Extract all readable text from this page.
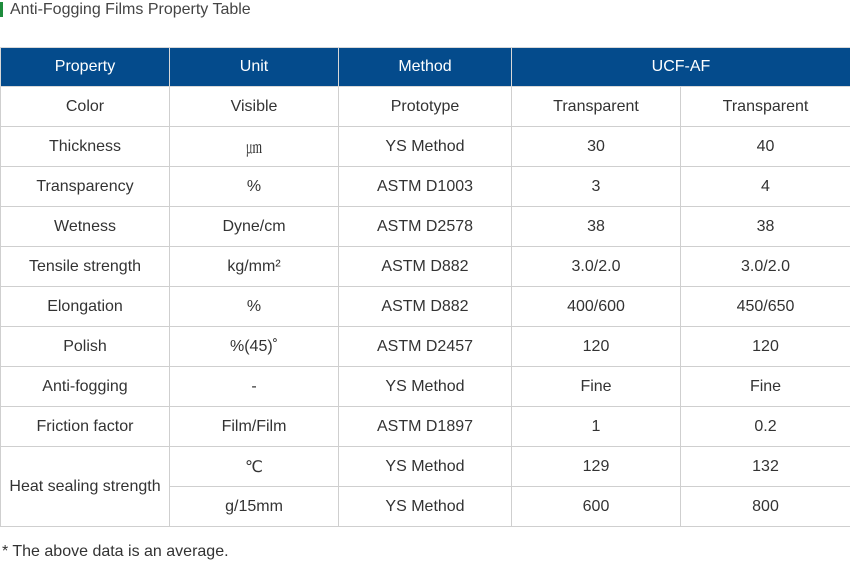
Anti-Fogging Films Property Table
Property	Unit	Method	UCF-AF	
Color	Visible	Prototype	Transparent	Transparent
Thickness	㎛	YS Method	30	40
Transparency	%	ASTM D1003	3	4
Wetness	Dyne/cm	ASTM D2578	38	38
Tensile strength	kg/mm²	ASTM D882	3.0/2.0	3.0/2.0
Elongation	%	ASTM D882	400/600	450/650
Polish	%(45)˚	ASTM D2457	120	120
Anti-fogging	-	YS Method	Fine	Fine
Friction factor	Film/Film	ASTM D1897	1	0.2
Heat sealing strength	℃	YS Method	129	132
	g/15mm	YS Method	600	800
* The above data is an average.
